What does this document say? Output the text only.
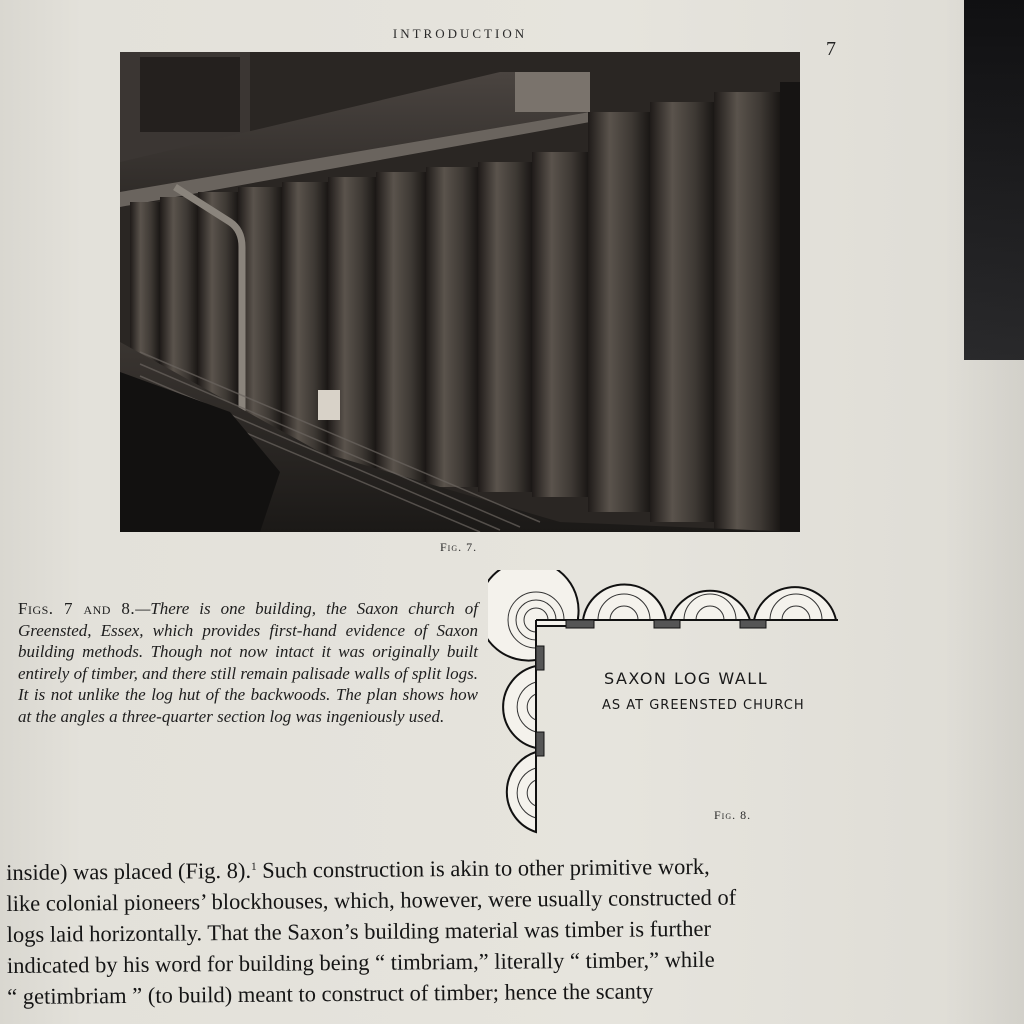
INTRODUCTION
7
Fig. 7.
Figs. 7 and 8.—There is one building, the Saxon church of Greensted, Essex, which provides first-hand evidence of Saxon building methods. Though not now intact it was originally built entirely of timber, and there still remain palisade walls of split logs. It is not unlike the log hut of the backwoods. The plan shows how at the angles a three-quarter section log was ingeniously used.
SAXON LOG WALL
AS AT GREENSTED CHURCH
Fig. 8.

inside) was placed (Fig. 8).$^1$ Such construction is akin to other primitive work,

like colonial pioneers’ blockhouses, which, however, were usually constructed of

logs laid horizontally. That the Saxon’s building material was timber is further

indicated by his word for building being “ timbriam,” literally “ timber,” while

“ getimbriam ” (to build) meant to construct of timber; hence the scanty
